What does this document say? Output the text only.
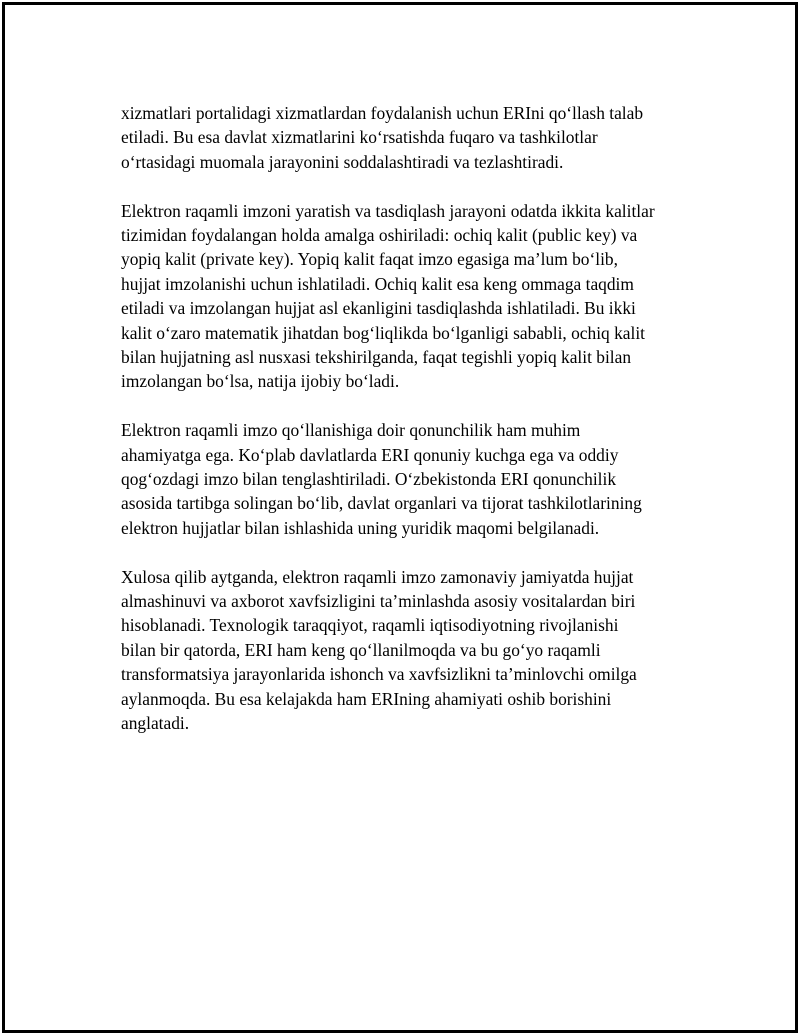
xizmatlari portalidagi xizmatlardan foydalanish uchun ERIni qo‘llash talab
etiladi. Bu esa davlat xizmatlarini ko‘rsatishda fuqaro va tashkilotlar
o‘rtasidagi muomala jarayonini soddalashtiradi va tezlashtiradi.

Elektron raqamli imzoni yaratish va tasdiqlash jarayoni odatda ikkita kalitlar
tizimidan foydalangan holda amalga oshiriladi: ochiq kalit (public key) va
yopiq kalit (private key). Yopiq kalit faqat imzo egasiga ma’lum bo‘lib,
hujjat imzolanishi uchun ishlatiladi. Ochiq kalit esa keng ommaga taqdim
etiladi va imzolangan hujjat asl ekanligini tasdiqlashda ishlatiladi. Bu ikki
kalit o‘zaro matematik jihatdan bog‘liqlikda bo‘lganligi sababli, ochiq kalit
bilan hujjatning asl nusxasi tekshirilganda, faqat tegishli yopiq kalit bilan
imzolangan bo‘lsa, natija ijobiy bo‘ladi.

Elektron raqamli imzo qo‘llanishiga doir qonunchilik ham muhim
ahamiyatga ega. Ko‘plab davlatlarda ERI qonuniy kuchga ega va oddiy
qog‘ozdagi imzo bilan tenglashtiriladi. O‘zbekistonda ERI qonunchilik
asosida tartibga solingan bo‘lib, davlat organlari va tijorat tashkilotlarining
elektron hujjatlar bilan ishlashida uning yuridik maqomi belgilanadi.

Xulosa qilib aytganda, elektron raqamli imzo zamonaviy jamiyatda hujjat
almashinuvi va axborot xavfsizligini ta’minlashda asosiy vositalardan biri
hisoblanadi. Texnologik taraqqiyot, raqamli iqtisodiyotning rivojlanishi
bilan bir qatorda, ERI ham keng qo‘llanilmoqda va bu go‘yo raqamli
transformatsiya jarayonlarida ishonch va xavfsizlikni ta’minlovchi omilga
aylanmoqda. Bu esa kelajakda ham ERIning ahamiyati oshib borishini
anglatadi.
